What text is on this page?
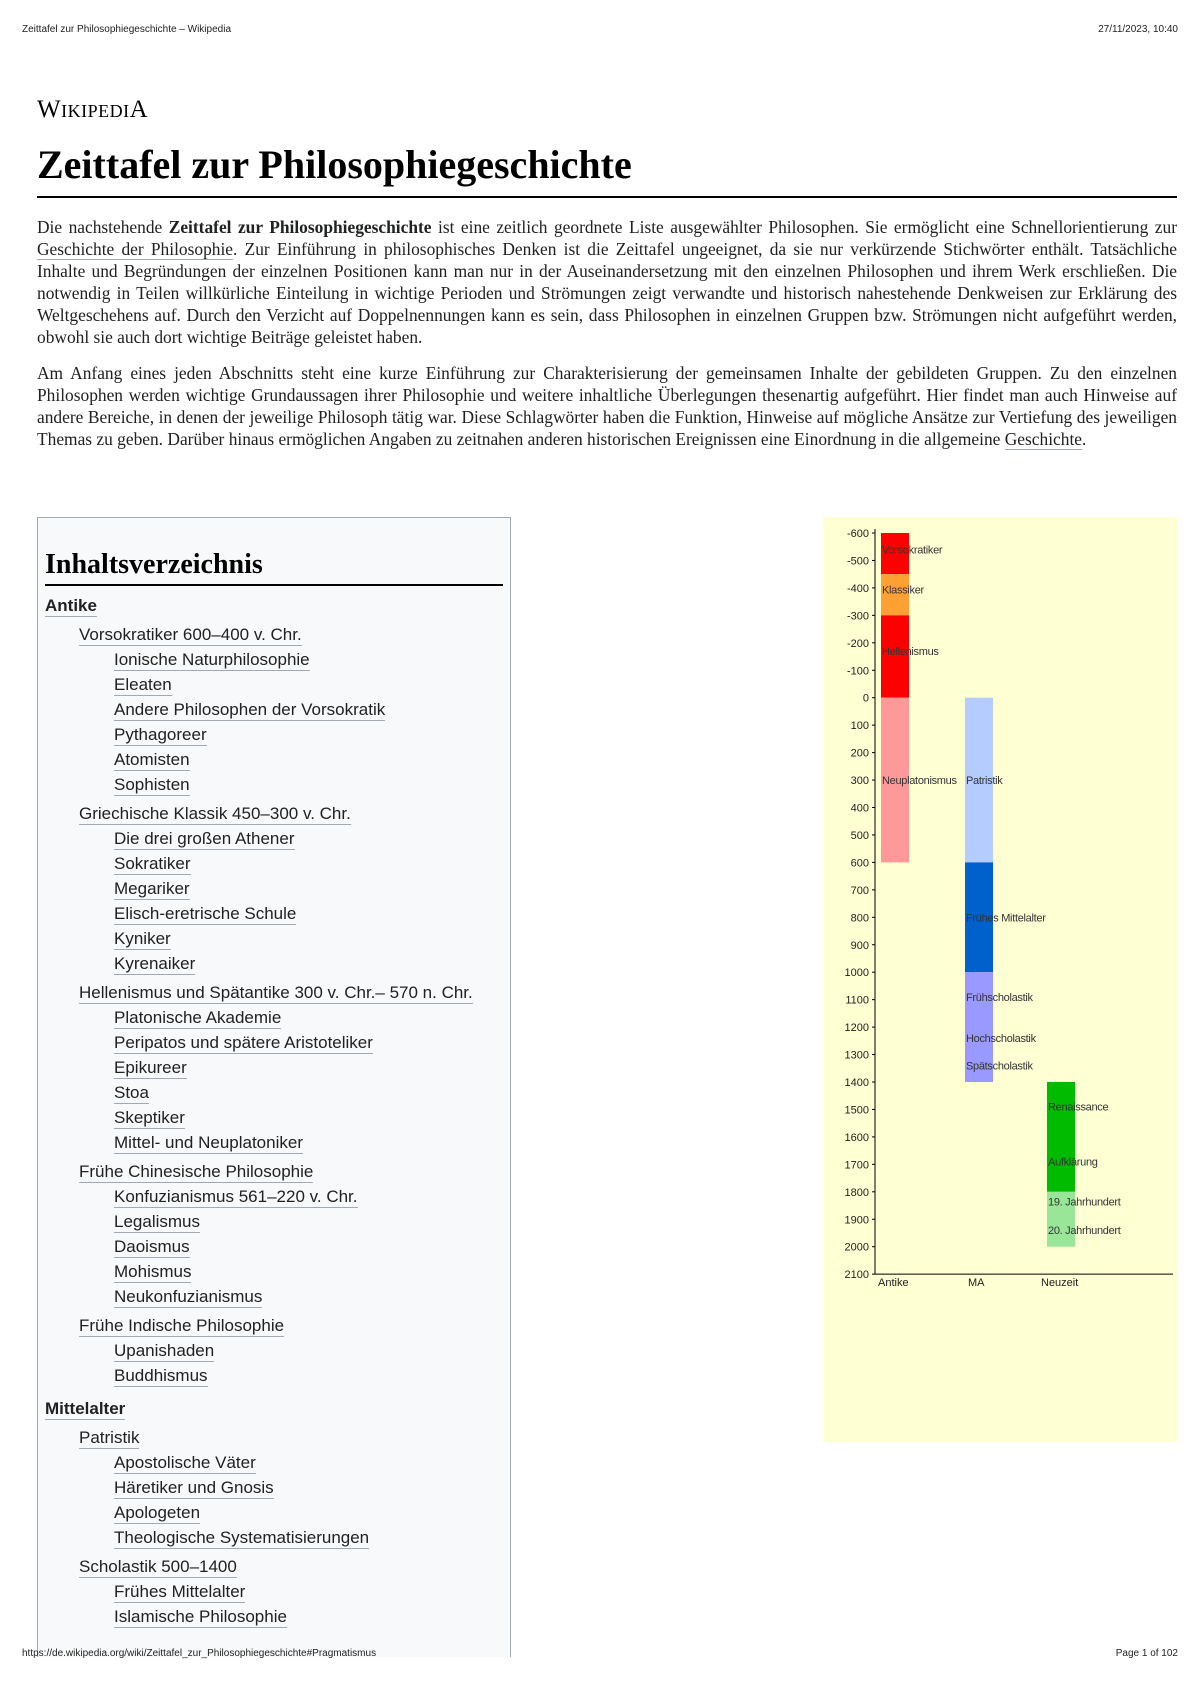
Zeittafel zur Philosophiegeschichte – Wikipedia	27/11/2023, 10:40
WIKIPEDIA
Zeittafel zur Philosophiegeschichte

Die nachstehende Zeittafel zur Philosophiegeschichte ist eine zeitlich geordnete Liste ausgewählter Philosophen. Sie ermöglicht eine Schnellorientierung zur Geschichte der Philosophie. Zur Einführung in philosophisches Denken ist die Zeittafel ungeeignet, da sie nur verkürzende Stichwörter enthält. Tatsächliche Inhalte und Begründungen der einzelnen Positionen kann man nur in der Auseinandersetzung mit den einzelnen Philosophen und ihrem Werk erschließen. Die notwendig in Teilen willkürliche Einteilung in wichtige Perioden und Strömungen zeigt verwandte und historisch nahestehende Denkweisen zur Erklärung des Weltgeschehens auf. Durch den Verzicht auf Doppelnennungen kann es sein, dass Philosophen in einzelnen Gruppen bzw. Strömungen nicht aufgeführt werden, obwohl sie auch dort wichtige Beiträge geleistet haben.

Am Anfang eines jeden Abschnitts steht eine kurze Einführung zur Charakterisierung der gemeinsamen Inhalte der gebildeten Gruppen. Zu den einzelnen Philosophen werden wichtige Grundaussagen ihrer Philosophie und weitere inhaltliche Überlegungen thesenartig aufgeführt. Hier findet man auch Hinweise auf andere Bereiche, in denen der jeweilige Philosoph tätig war. Diese Schlagwörter haben die Funktion, Hinweise auf mögliche Ansätze zur Vertiefung des jeweiligen Themas zu geben. Darüber hinaus ermöglichen Angaben zu zeitnahen anderen historischen Ereignissen eine Einordnung in die allgemeine Geschichte.

Inhaltsverzeichnis
Antike
Vorsokratiker 600–400 v. Chr.
Ionische Naturphilosophie
Eleaten
Andere Philosophen der Vorsokratik
Pythagoreer
Atomisten
Sophisten
Griechische Klassik 450–300 v. Chr.
Die drei großen Athener
Sokratiker
Megariker
Elisch-eretrische Schule
Kyniker
Kyrenaiker
Hellenismus und Spätantike 300 v. Chr.– 570 n. Chr.
Platonische Akademie
Peripatos und spätere Aristoteliker
Epikureer
Stoa
Skeptiker
Mittel- und Neuplatoniker
Frühe Chinesische Philosophie
Konfuzianismus 561–220 v. Chr.
Legalismus
Daoismus
Mohismus
Neukonfuzianismus
Frühe Indische Philosophie
Upanishaden
Buddhismus
Mittelalter
Patristik
Apostolische Väter
Häretiker und Gnosis
Apologeten
Theologische Systematisierungen
Scholastik 500–1400
Frühes Mittelalter
Islamische Philosophie
-600
-500
-400
-300
-200
-100
0
100
200
300
400
500
600
700
800
900
1000
1100
1200
1300
1400
1500
1600
1700
1800
1900
2000
2100
Antike	MA	Neuzeit
Vorsokratiker
Klassiker
Hellenismus
Neuplatonismus Patristik
Frühes Mittelalter
Frühscholastik
Hochscholastik
Spätscholastik
Renaissance
Aufklärung
19. Jahrhundert
20. Jahrhundert
https://de.wikipedia.org/wiki/Zeittafel_zur_Philosophiegeschichte#Pragmatismus	Page 1 of 102
